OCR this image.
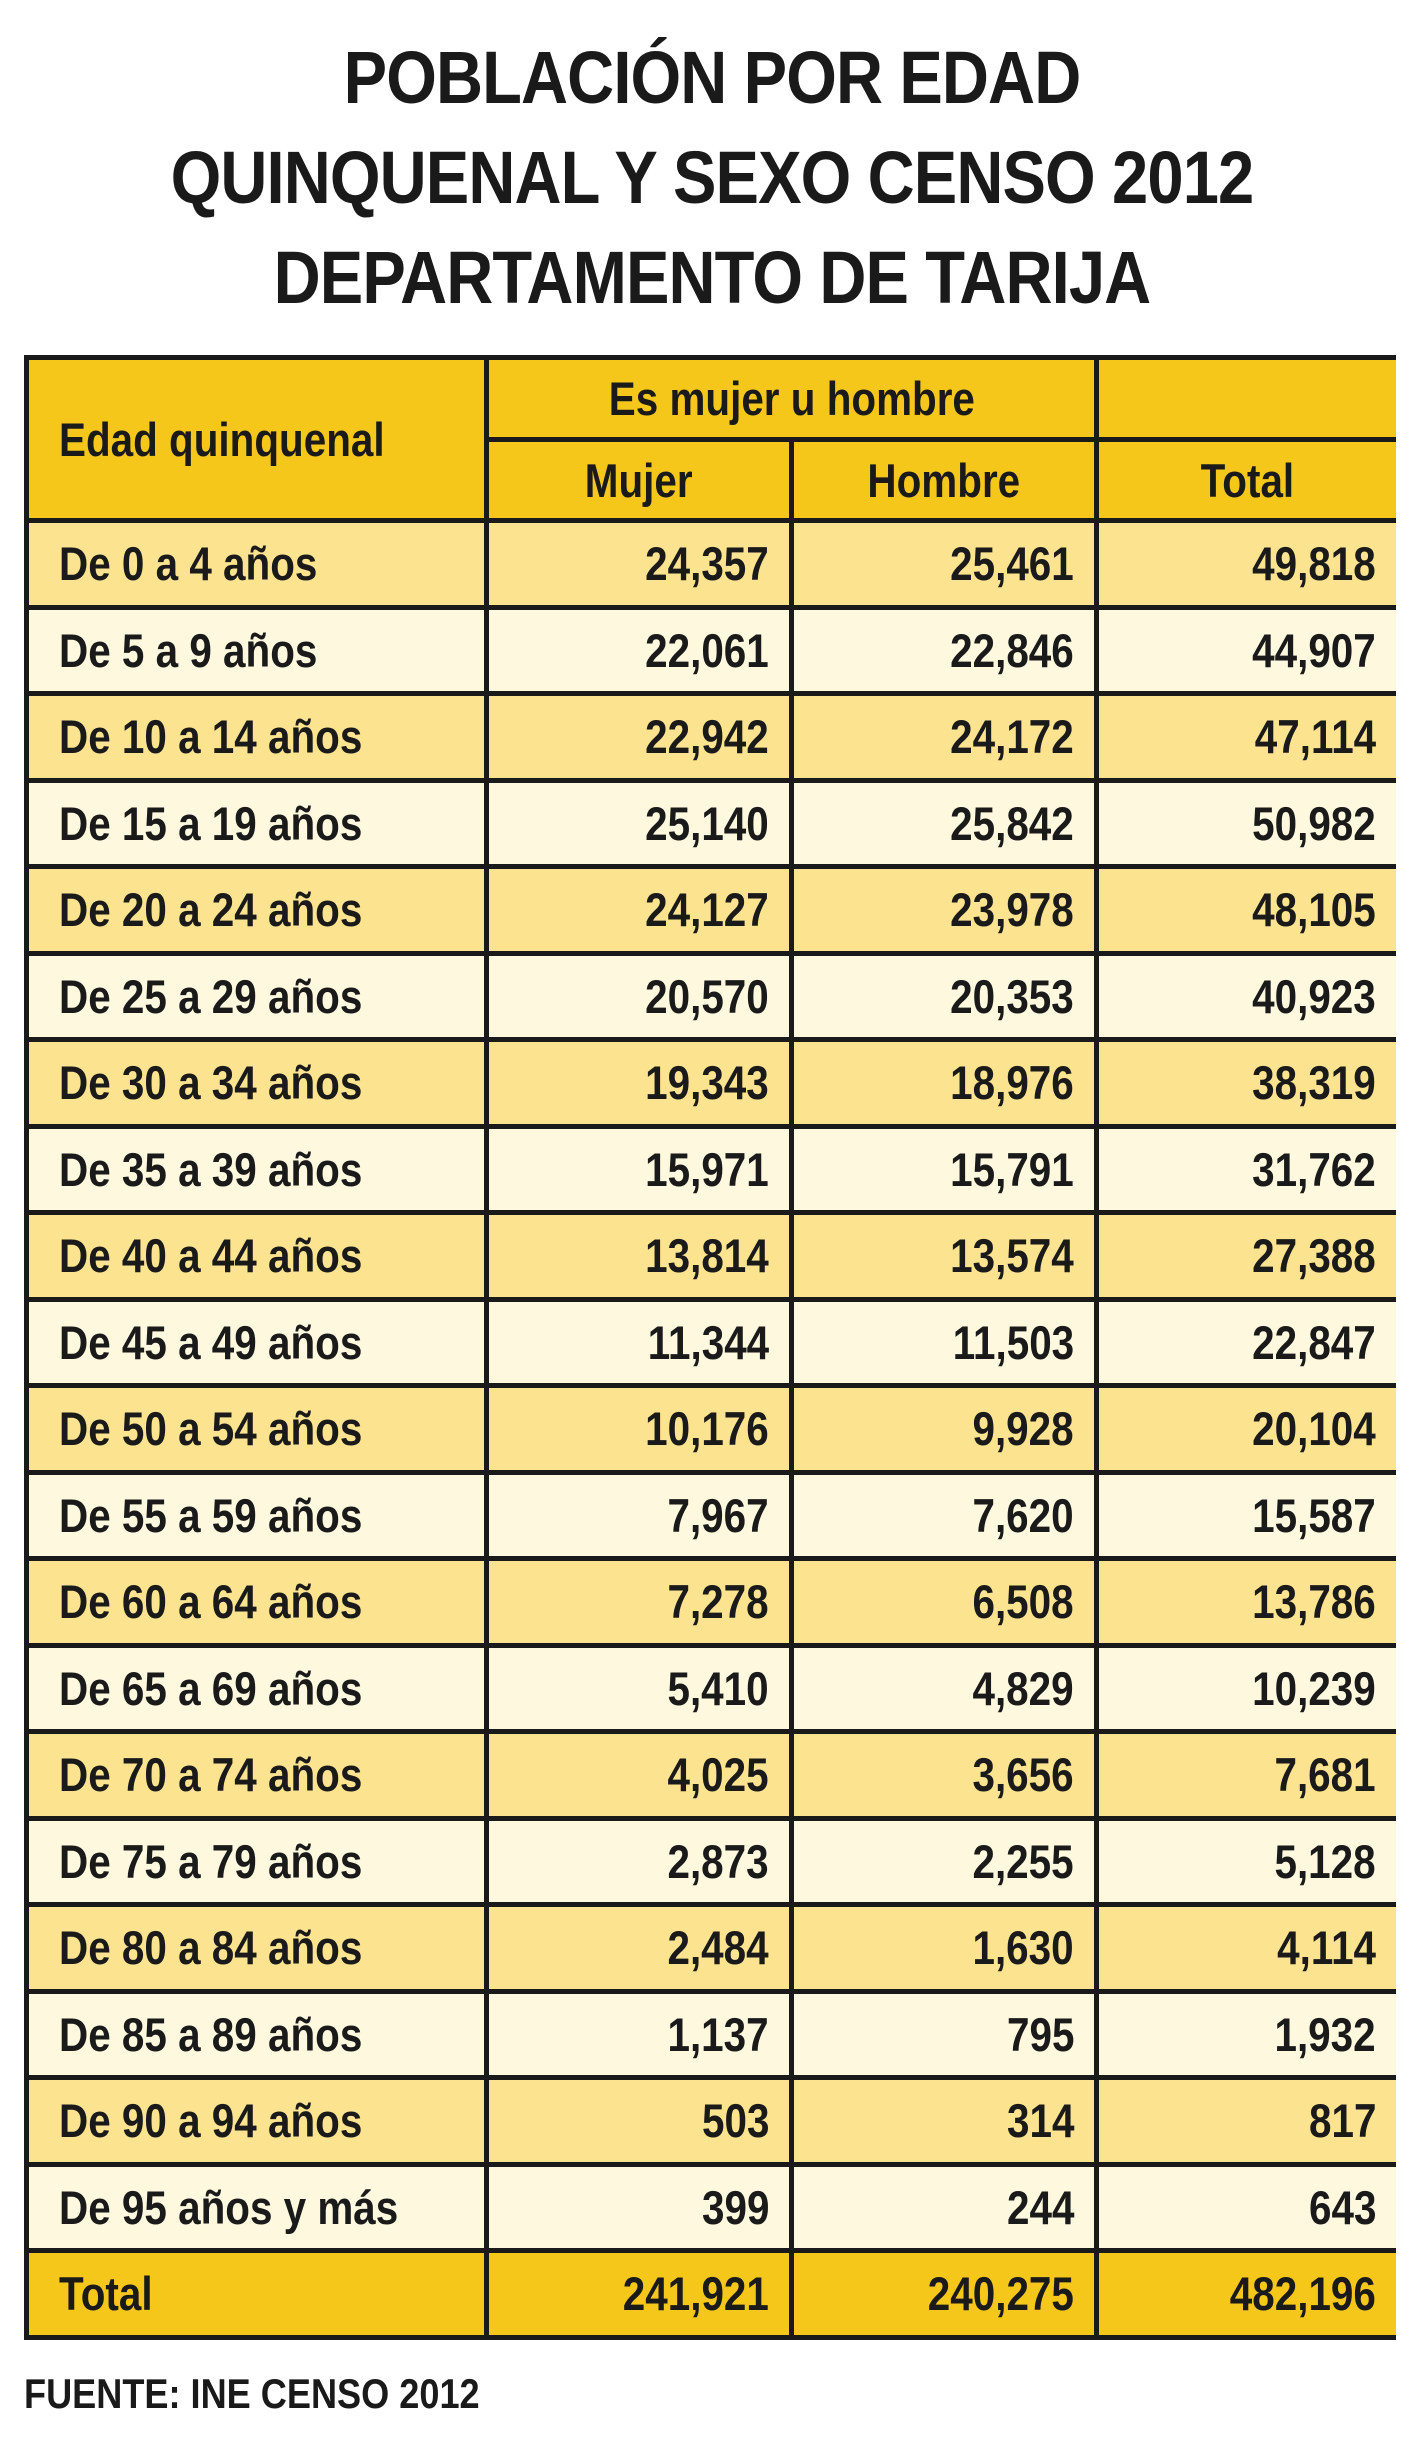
POBLACIÓN POR EDAD
QUINQUENAL Y SEXO CENSO 2012
DEPARTAMENTO DE TARIJA
Edad quinquenal
Es mujer u hombre
Mujer	Hombre	Total
De 0 a 4 años	24,357	25,461	49,818
De 5 a 9 años	22,061	22,846	44,907
De 10 a 14 años	22,942	24,172	47,114
De 15 a 19 años	25,140	25,842	50,982
De 20 a 24 años	24,127	23,978	48,105
De 25 a 29 años	20,570	20,353	40,923
De 30 a 34 años	19,343	18,976	38,319
De 35 a 39 años	15,971	15,791	31,762
De 40 a 44 años	13,814	13,574	27,388
De 45 a 49 años	11,344	11,503	22,847
De 50 a 54 años	10,176	9,928	20,104
De 55 a 59 años	7,967	7,620	15,587
De 60 a 64 años	7,278	6,508	13,786
De 65 a 69 años	5,410	4,829	10,239
De 70 a 74 años	4,025	3,656	7,681
De 75 a 79 años	2,873	2,255	5,128
De 80 a 84 años	2,484	1,630	4,114
De 85 a 89 años	1,137	795	1,932
De 90 a 94 años	503	314	817
De 95 años y más	399	244	643
Total	241,921	240,275	482,196
FUENTE: INE CENSO 2012
